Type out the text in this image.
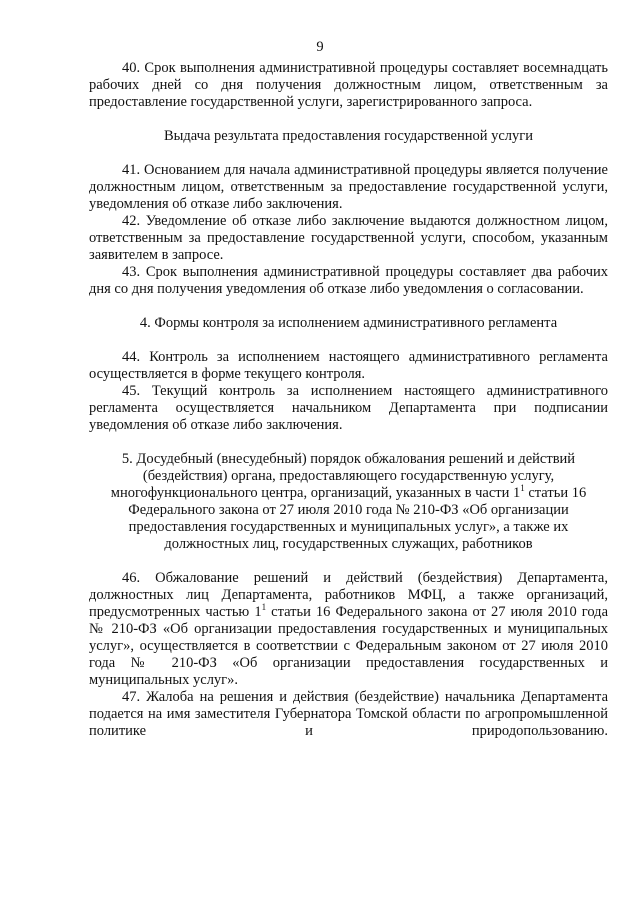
9

40. Срок выполнения административной процедуры составляет восемнадцать рабочих дней со дня получения должностным лицом, ответственным за предоставление государственной услуги, зарегистрированного запроса.

Выдача результата предоставления государственной услуги

41. Основанием для начала административной процедуры является получение должностным лицом, ответственным за предоставление государственной услуги, уведомления об отказе либо заключения.

42. Уведомление об отказе либо заключение выдаются должностном лицом, ответственным за предоставление государственной услуги, способом, указанным заявителем в запросе.

43. Срок выполнения административной процедуры составляет два рабочих дня со дня получения уведомления об отказе либо уведомления о согласовании.

4. Формы контроля за исполнением административного регламента

44. Контроль за исполнением настоящего административного регламента осуществляется в форме текущего контроля.

45. Текущий контроль за исполнением настоящего административного регламента осуществляется начальником Департамента при подписании уведомления об отказе либо заключения.

5. Досудебный (внесудебный) порядок обжалования решений и действий (бездействия) органа, предоставляющего государственную услугу, многофункционального центра, организаций, указанных в части $1^1$ статьи 16 Федерального закона от 27 июля 2010 года № 210-ФЗ «Об организации предоставления государственных и муниципальных услуг», а также их должностных лиц, государственных служащих, работников

46. Обжалование решений и действий (бездействия) Департамента, должностных лиц Департамента, работников МФЦ, а также организаций, предусмотренных частью $1^1$ статьи 16 Федерального закона от 27 июля 2010 года № 210-ФЗ «Об организации предоставления государственных и муниципальных услуг», осуществляется в соответствии с Федеральным законом от 27 июля 2010 года № 210-ФЗ «Об организации предоставления государственных и муниципальных услуг».

47. Жалоба на решения и действия (бездействие) начальника Департамента подается на имя заместителя Губернатора Томской области по агропромышленной политике и природопользованию.
